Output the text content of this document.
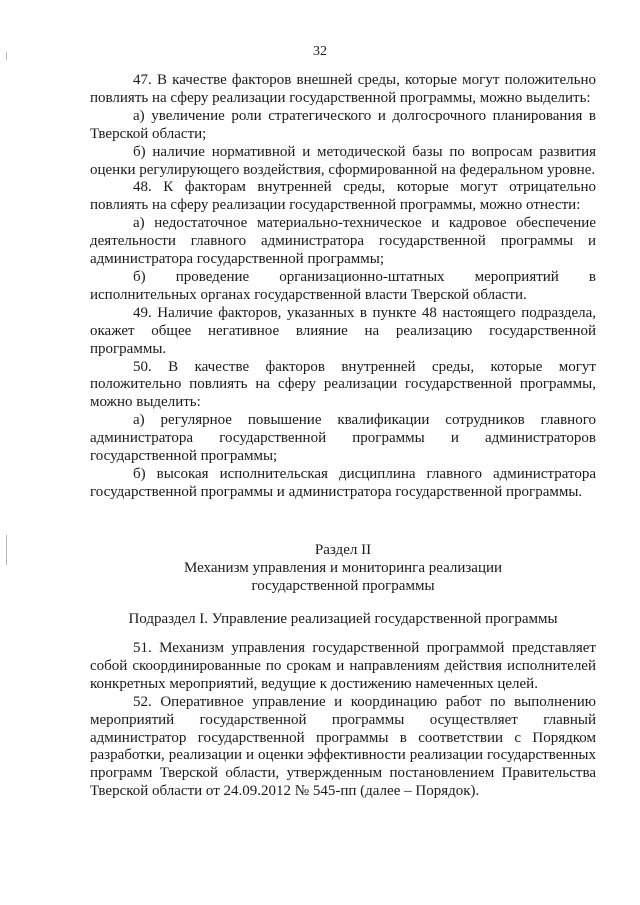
32

47. В качестве факторов внешней среды, которые могут положительно повлиять на сферу реализации государственной программы, можно выделить:

а) увеличение роли стратегического и долгосрочного планирования в Тверской области;

б) наличие нормативной и методической базы по вопросам развития оценки регулирующего воздействия, сформированной на федеральном уровне.

48. К факторам внутренней среды, которые могут отрицательно повлиять на сферу реализации государственной программы, можно отнести:

а) недостаточное материально-техническое и кадровое обеспечение деятельности главного администратора государственной программы и администратора государственной программы;

б) проведение организационно-штатных мероприятий в исполнительных органах государственной власти Тверской области.

49. Наличие факторов, указанных в пункте 48 настоящего подраздела, окажет общее негативное влияние на реализацию государственной программы.

50. В качестве факторов внутренней среды, которые могут положительно повлиять на сферу реализации государственной программы, можно выделить:

а) регулярное повышение квалификации сотрудников главного администратора государственной программы и администраторов государственной программы;

б) высокая исполнительская дисциплина главного администратора государственной программы и администратора государственной программы.

Раздел II
Механизм управления и мониторинга реализации
государственной программы
Подраздел I. Управление реализацией государственной программы

51. Механизм управления государственной программой представляет собой скоординированные по срокам и направлениям действия исполнителей конкретных мероприятий, ведущие к достижению намеченных целей.

52. Оперативное управление и координацию работ по выполнению мероприятий государственной программы осуществляет главный администратор государственной программы в соответствии с Порядком разработки, реализации и оценки эффективности реализации государственных программ Тверской области, утвержденным постановлением Правительства Тверской области от 24.09.2012 № 545-пп (далее – Порядок).
